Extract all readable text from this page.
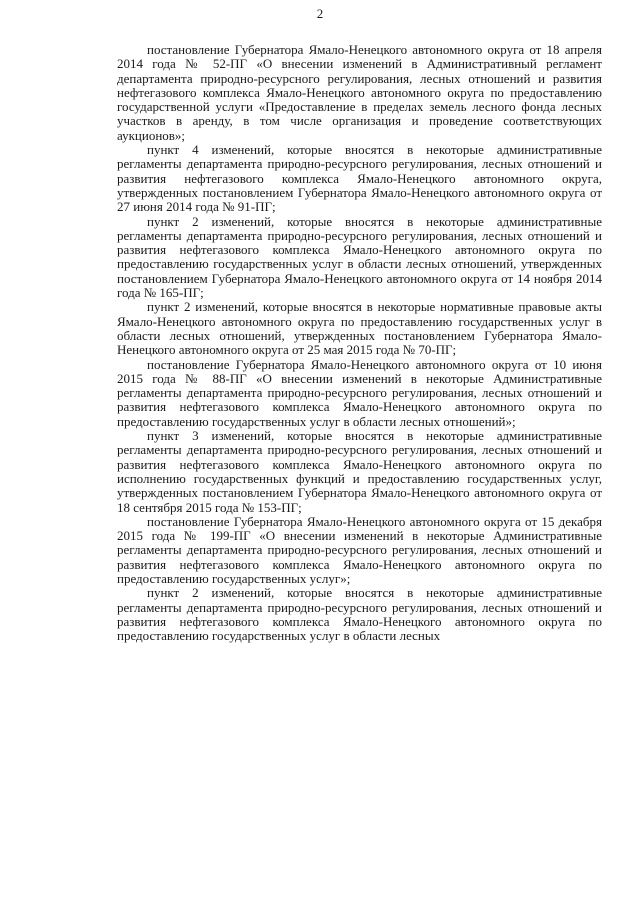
2

постановление Губернатора Ямало-Ненецкого автономного округа от 18 апреля 2014 года № 52-ПГ «О внесении изменений в Административный регламент департамента природно-ресурсного регулирования, лесных отношений и развития нефтегазового комплекса Ямало-Ненецкого автономного округа по предоставлению государственной услуги «Предоставление в пределах земель лесного фонда лесных участков в аренду, в том числе организация и проведение соответствующих аукционов»;

пункт 4 изменений, которые вносятся в некоторые административные регламенты департамента природно-ресурсного регулирования, лесных отношений и развития нефтегазового комплекса Ямало-Ненецкого автономного округа, утвержденных постановлением Губернатора Ямало-Ненецкого автономного округа от 27 июня 2014 года № 91-ПГ;

пункт 2 изменений, которые вносятся в некоторые административные регламенты департамента природно-ресурсного регулирования, лесных отношений и развития нефтегазового комплекса Ямало-Ненецкого автономного округа по предоставлению государственных услуг в области лесных отношений, утвержденных постановлением Губернатора Ямало-Ненецкого автономного округа от 14 ноября 2014 года № 165-ПГ;

пункт 2 изменений, которые вносятся в некоторые нормативные правовые акты Ямало-Ненецкого автономного округа по предоставлению государственных услуг в области лесных отношений, утвержденных постановлением Губернатора Ямало-Ненецкого автономного округа от 25 мая 2015 года № 70-ПГ;

постановление Губернатора Ямало-Ненецкого автономного округа от 10 июня 2015 года № 88-ПГ «О внесении изменений в некоторые Административные регламенты департамента природно-ресурсного регулирования, лесных отношений и развития нефтегазового комплекса Ямало-Ненецкого автономного округа по предоставлению государственных услуг в области лесных отношений»;

пункт 3 изменений, которые вносятся в некоторые административные регламенты департамента природно-ресурсного регулирования, лесных отношений и развития нефтегазового комплекса Ямало-Ненецкого автономного округа по исполнению государственных функций и предоставлению государственных услуг, утвержденных постановлением Губернатора Ямало-Ненецкого автономного округа от 18 сентября 2015 года № 153-ПГ;

постановление Губернатора Ямало-Ненецкого автономного округа от 15 декабря 2015 года № 199-ПГ «О внесении изменений в некоторые Административные регламенты департамента природно-ресурсного регулирования, лесных отношений и развития нефтегазового комплекса Ямало-Ненецкого автономного округа по предоставлению государственных услуг»;

пункт 2 изменений, которые вносятся в некоторые административные регламенты департамента природно-ресурсного регулирования, лесных отношений и развития нефтегазового комплекса Ямало-Ненецкого автономного округа по предоставлению государственных услуг в области лесных
